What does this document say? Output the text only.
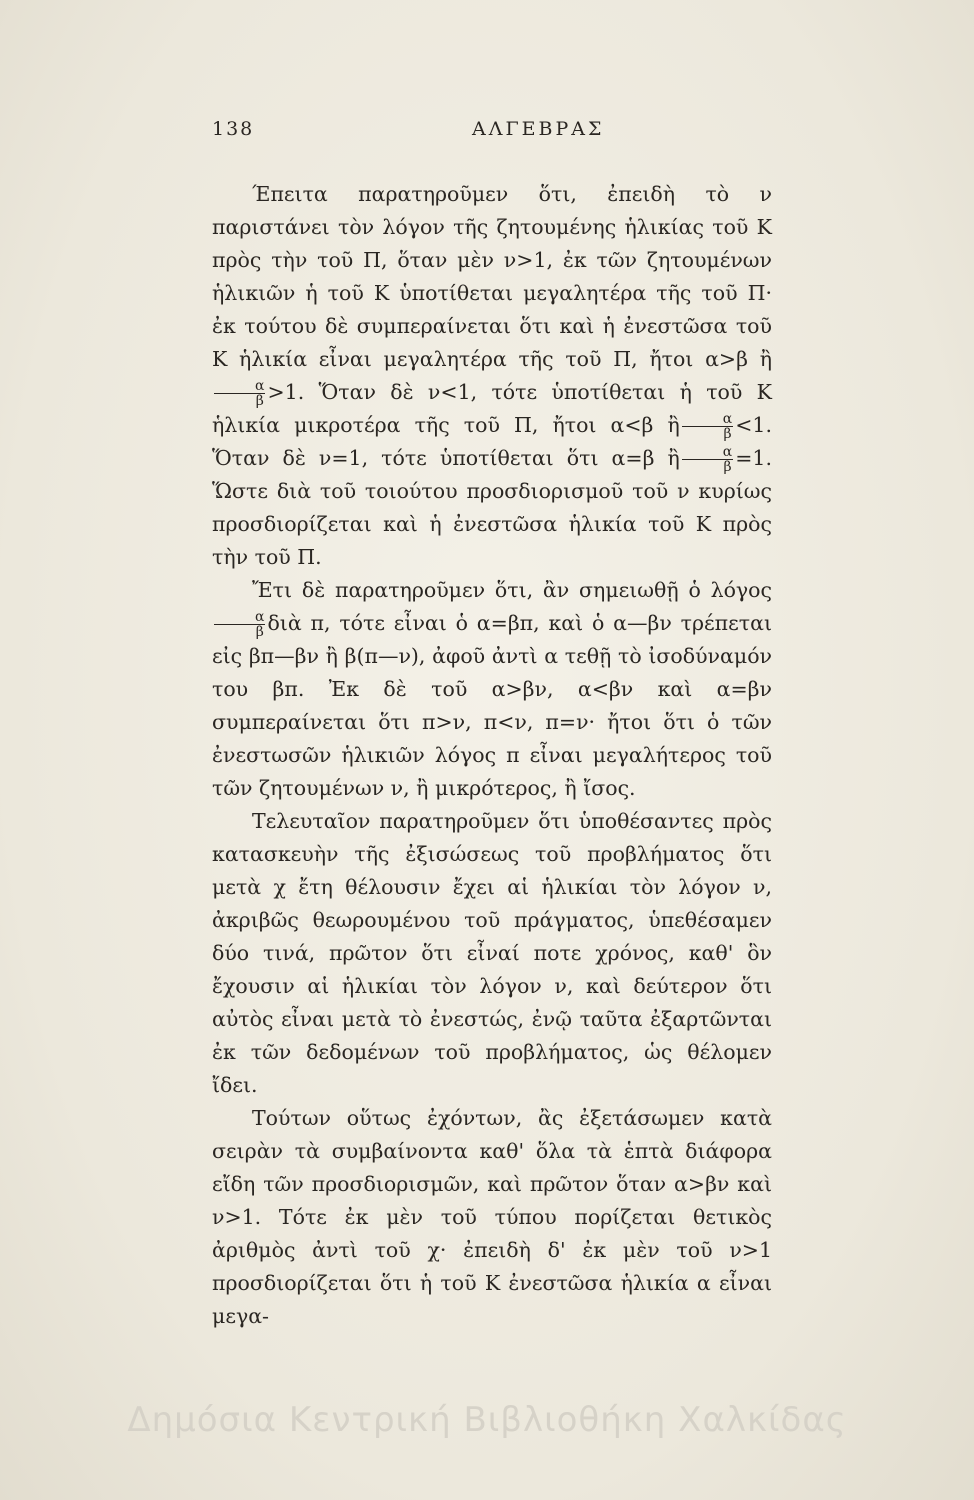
138	ΑΛΓΕΒΡΑΣ

Έπειτα παρατηροῦμεν ὅτι, ἐπειδὴ τὸ ν παριστάνει τὸν λόγον τῆς ζητουμένης ἡλικίας τοῦ Κ πρὸς τὴν τοῦ Π, ὅταν μὲν ν>1, ἐκ τῶν ζητουμένων ἡλικιῶν ἡ τοῦ Κ ὑποτίθεται μεγαλητέρα τῆς τοῦ Π· ἐκ τούτου δὲ συμπεραίνεται ὅτι καὶ ἡ ἐνεστῶσα τοῦ Κ ἡλικία εἶναι μεγαλητέρα τῆς τοῦ Π, ἤτοι α>β ἢ
$\frac{\alpha}{\beta} >1$. Ὅταν δὲ ν<1, τότε ὑποτίθεται ἡ τοῦ Κ ἡλικία μικροτέρα τῆς τοῦ Π, ἤτοι α<β ἢ $\frac{\alpha}{\beta} <1$. Ὅταν δὲ ν=1, τότε ὑποτίθεται ὅτι α=β ἢ $\frac{\alpha}{\beta} =1$. Ὥστε διὰ τοῦ τοιούτου προσδιορισμοῦ τοῦ ν κυρίως προσδιορίζεται καὶ ἡ ἐνεστῶσα ἡλικία τοῦ Κ πρὸς τὴν τοῦ Π.

Ἔτι δὲ παρατηροῦμεν ὅτι, ἂν σημειωθῇ ὁ λόγος
$\frac{\alpha}{\beta}$ διὰ π, τότε εἶναι ὁ α=βπ, καὶ ὁ α—βν τρέπεται εἰς βπ—βν ἢ β(π—ν), ἀφοῦ ἀντὶ α τεθῇ τὸ ἰσοδύναμόν του βπ. Ἐκ δὲ τοῦ α>βν, α<βν καὶ α=βν συμπεραίνεται ὅτι π>ν, π<ν, π=ν· ἤτοι ὅτι ὁ τῶν ἐνεστωσῶν ἡλικιῶν λόγος π εἶναι μεγαλήτερος τοῦ τῶν ζητουμένων ν, ἢ μικρότερος, ἢ ἴσος.

Τελευταῖον παρατηροῦμεν ὅτι ὑποθέσαντες πρὸς κατασκευὴν τῆς ἐξισώσεως τοῦ προβλήματος ὅτι μετὰ χ ἔτη θέλουσιν ἔχει αἱ ἡλικίαι τὸν λόγον ν, ἀκριβῶς θεωρουμένου τοῦ πράγματος, ὑπεθέσαμεν δύο τινά, πρῶτον ὅτι εἶναί ποτε χρόνος, καθ' ὃν ἔχουσιν αἱ ἡλικίαι τὸν λόγον ν, καὶ δεύτερον ὅτι αὐτὸς εἶναι μετὰ τὸ ἐνεστώς, ἐνῷ ταῦτα ἐξαρτῶνται ἐκ τῶν δεδομένων τοῦ προβλήματος, ὡς θέλομεν ἴδει.

Τούτων οὕτως ἐχόντων, ἂς ἐξετάσωμεν κατὰ σειρὰν τὰ συμβαίνοντα καθ' ὅλα τὰ ἑπτὰ διάφορα εἴδη τῶν προσδιορισμῶν, καὶ πρῶτον ὅταν α>βν καὶ ν>1. Τότε ἐκ μὲν τοῦ τύπου πορίζεται θετικὸς ἀριθμὸς ἀντὶ τοῦ χ· ἐπειδὴ δ' ἐκ μὲν τοῦ ν>1 προσδιορίζεται ὅτι ἡ τοῦ Κ ἐνεστῶσα ἡλικία α εἶναι μεγα-

Δημόσια Κεντρική Βιβλιοθήκη Χαλκίδας
